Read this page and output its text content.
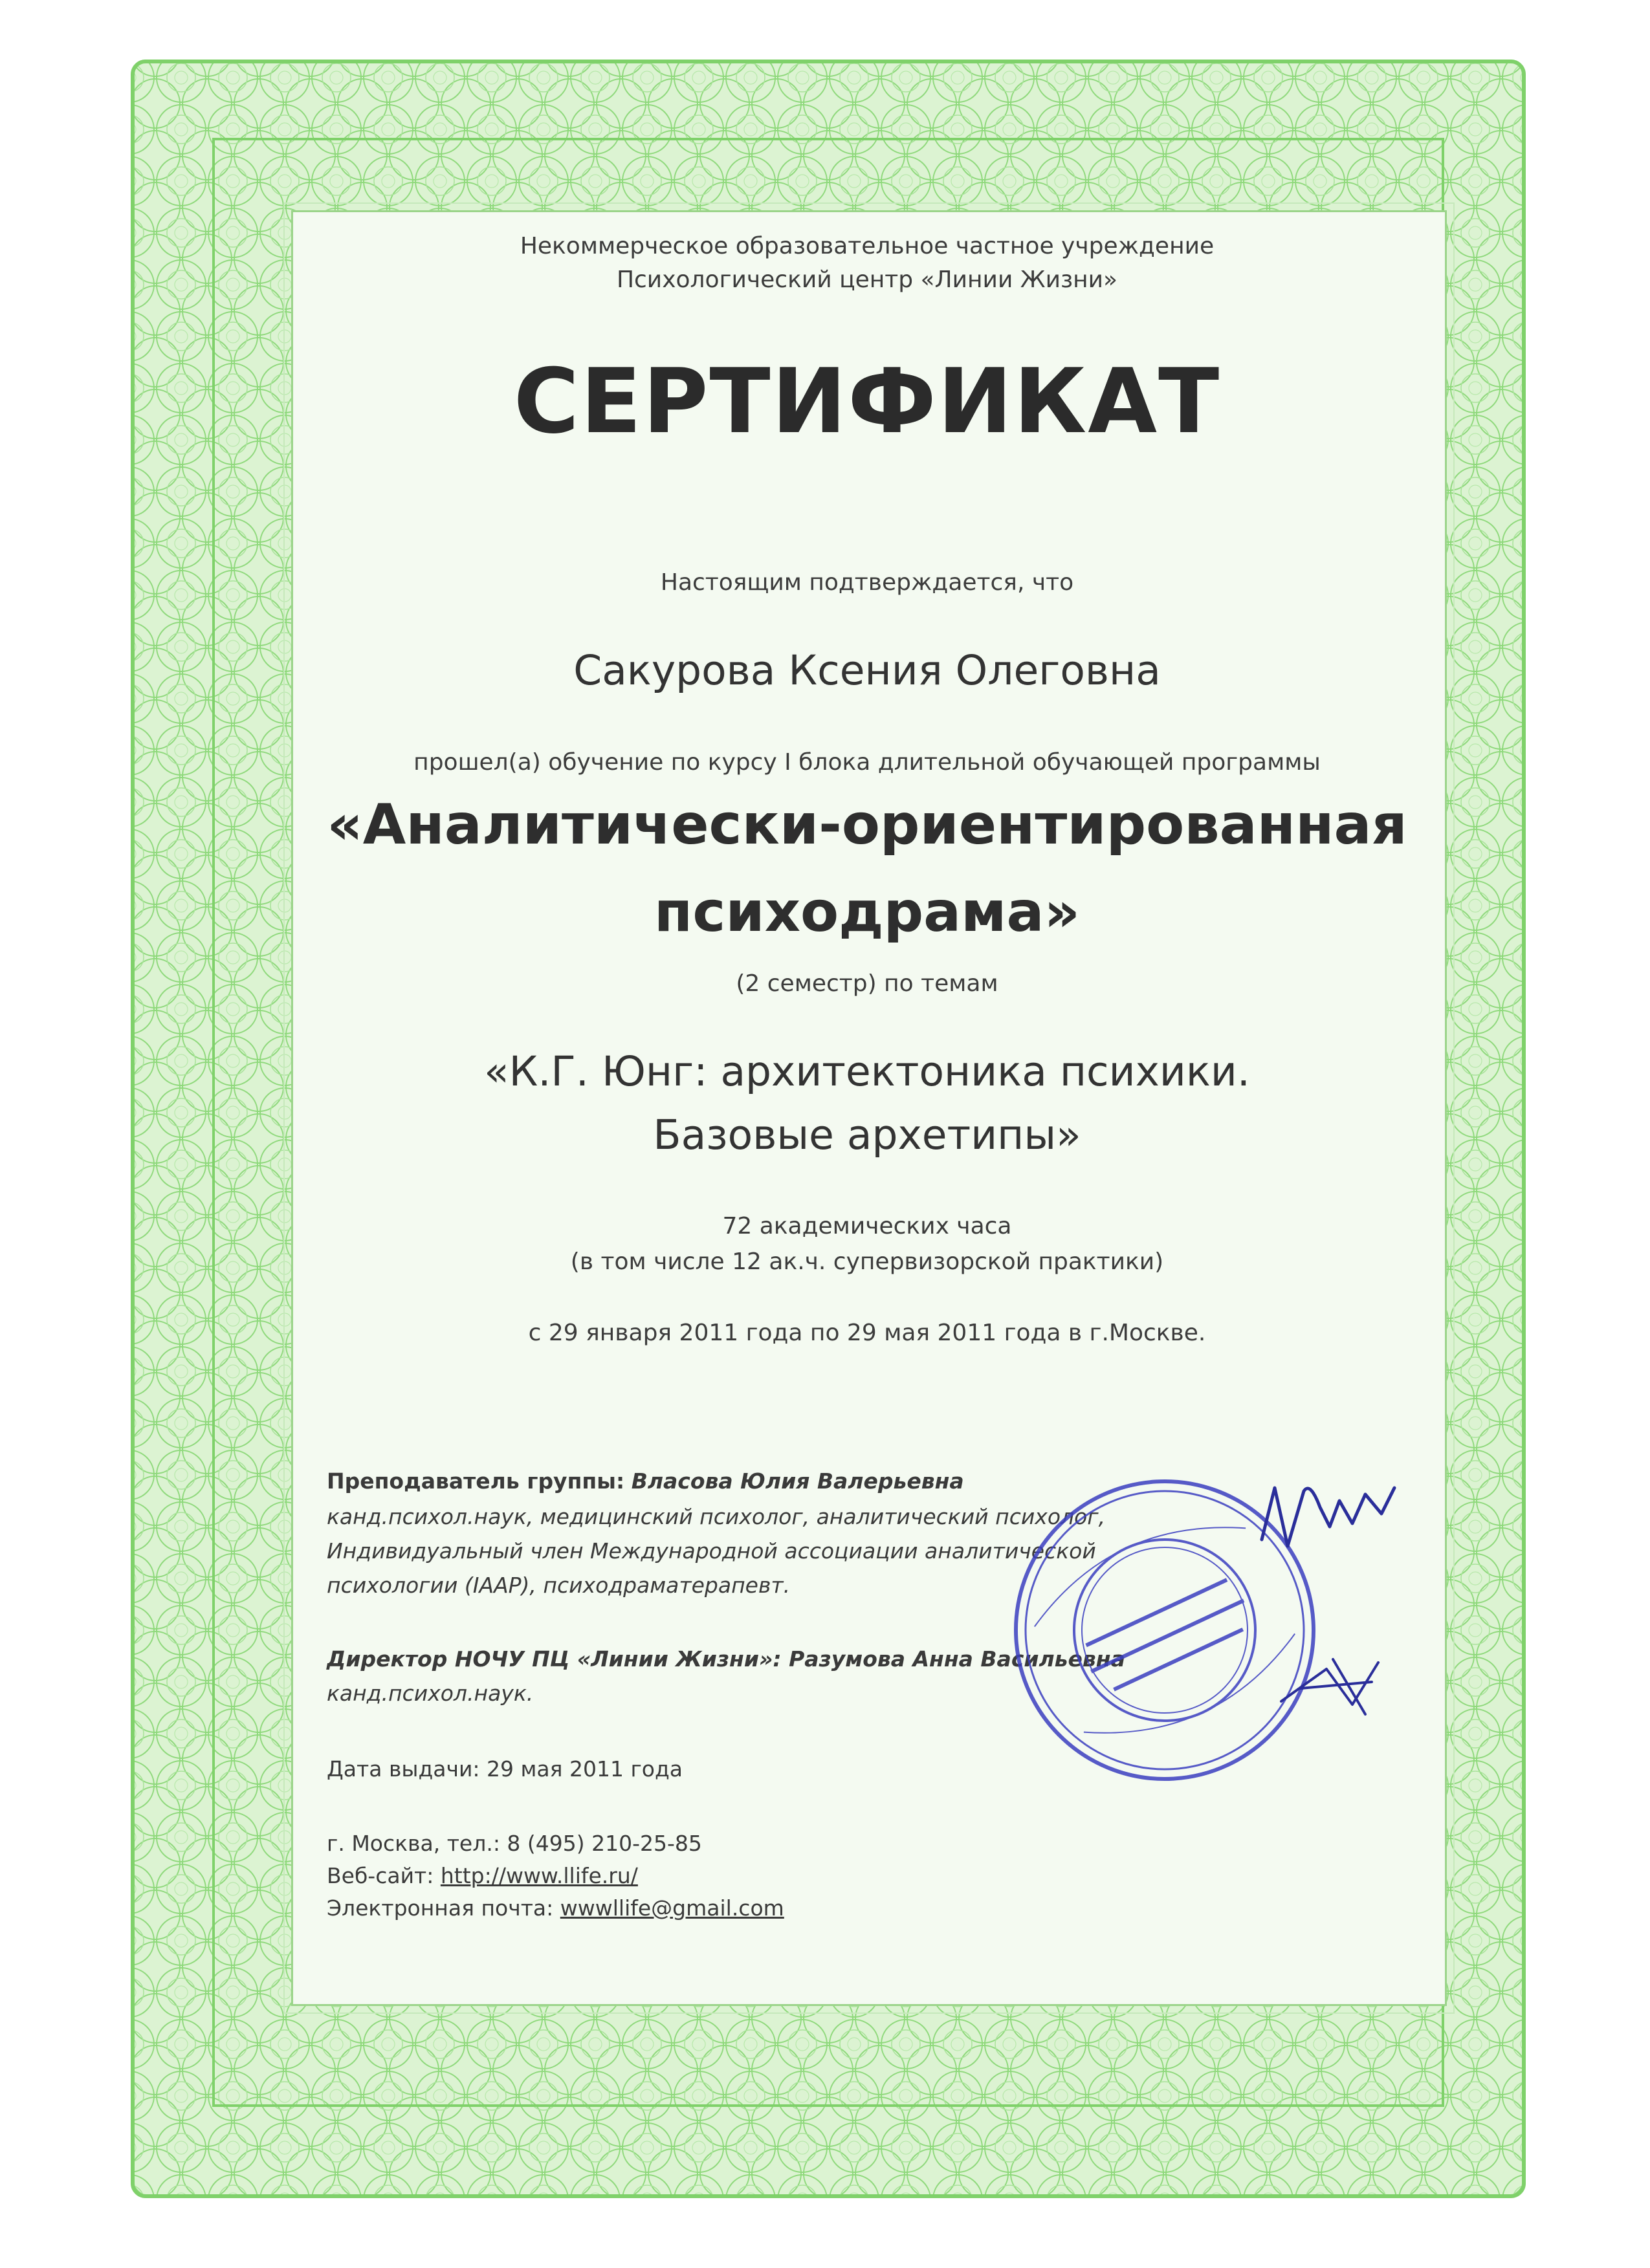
Некоммерческое образовательное частное учреждение

Психологический центр «Линии Жизни»

СЕРТИФИКАТ

Настоящим подтверждается, что

Сакурова Ксения Олеговна

прошел(а) обучение по курсу I блока длительной обучающей программы

«Аналитически-ориентированная

психодрама»

(2 семестр) по темам

«К.Г. Юнг: архитектоника психики.

Базовые архетипы»

72 академических часа

(в том числе 12 ак.ч. супервизорской практики)

с 29 января 2011 года по 29 мая 2011 года в г.Москве.

Преподаватель группы: Власова Юлия Валерьевна

канд.психол.наук, медицинский психолог, аналитический психолог,

Индивидуальный член Международной ассоциации аналитической

психологии (IAAP), психодраматерапевт.

Директор НОЧУ ПЦ «Линии Жизни»: Разумова Анна Васильевна

канд.психол.наук.

Дата выдачи: 29 мая 2011 года

г. Москва, тел.: 8 (495) 210-25-85

Веб-сайт: http://www.llife.ru/

Электронная почта: wwwllife@gmail.com
